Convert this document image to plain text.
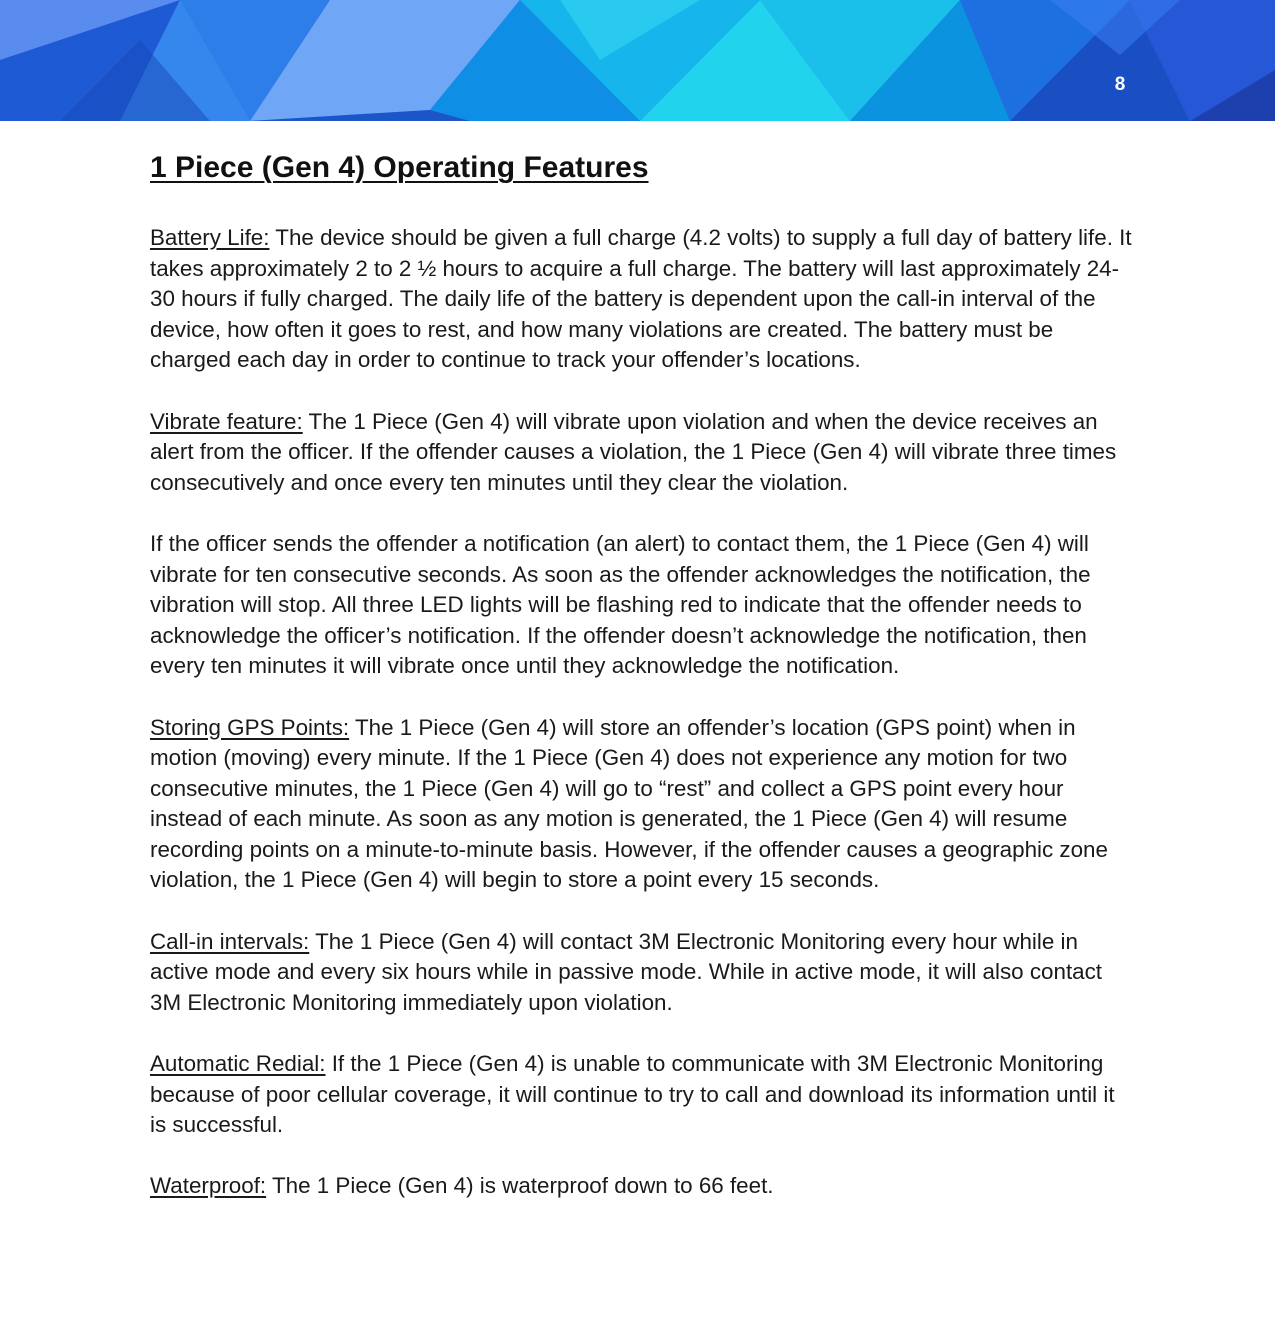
8
1 Piece (Gen 4) Operating Features

Battery Life: The device should be given a full charge (4.2 volts) to supply a full day of battery life. It takes approximately 2 to 2 ½ hours to acquire a full charge. The battery will last approximately 24-30 hours if fully charged. The daily life of the battery is dependent upon the call-in interval of the device, how often it goes to rest, and how many violations are created. The battery must be charged each day in order to continue to track your offender’s locations.

Vibrate feature: The 1 Piece (Gen 4) will vibrate upon violation and when the device receives an alert from the officer. If the offender causes a violation, the 1 Piece (Gen 4) will vibrate three times consecutively and once every ten minutes until they clear the violation.

If the officer sends the offender a notification (an alert) to contact them, the 1 Piece (Gen 4) will vibrate for ten consecutive seconds. As soon as the offender acknowledges the notification, the vibration will stop. All three LED lights will be flashing red to indicate that the offender needs to acknowledge the officer’s notification. If the offender doesn’t acknowledge the notification, then every ten minutes it will vibrate once until they acknowledge the notification.

Storing GPS Points: The 1 Piece (Gen 4) will store an offender’s location (GPS point) when in motion (moving) every minute. If the 1 Piece (Gen 4) does not experience any motion for two consecutive minutes, the 1 Piece (Gen 4) will go to “rest” and collect a GPS point every hour instead of each minute. As soon as any motion is generated, the 1 Piece (Gen 4) will resume recording points on a minute-to-minute basis. However, if the offender causes a geographic zone violation, the 1 Piece (Gen 4) will begin to store a point every 15 seconds.

Call-in intervals: The 1 Piece (Gen 4) will contact 3M Electronic Monitoring every hour while in active mode and every six hours while in passive mode. While in active mode, it will also contact 3M Electronic Monitoring immediately upon violation.

Automatic Redial: If the 1 Piece (Gen 4) is unable to communicate with 3M Electronic Monitoring because of poor cellular coverage, it will continue to try to call and download its information until it is successful.

Waterproof: The 1 Piece (Gen 4) is waterproof down to 66 feet.
